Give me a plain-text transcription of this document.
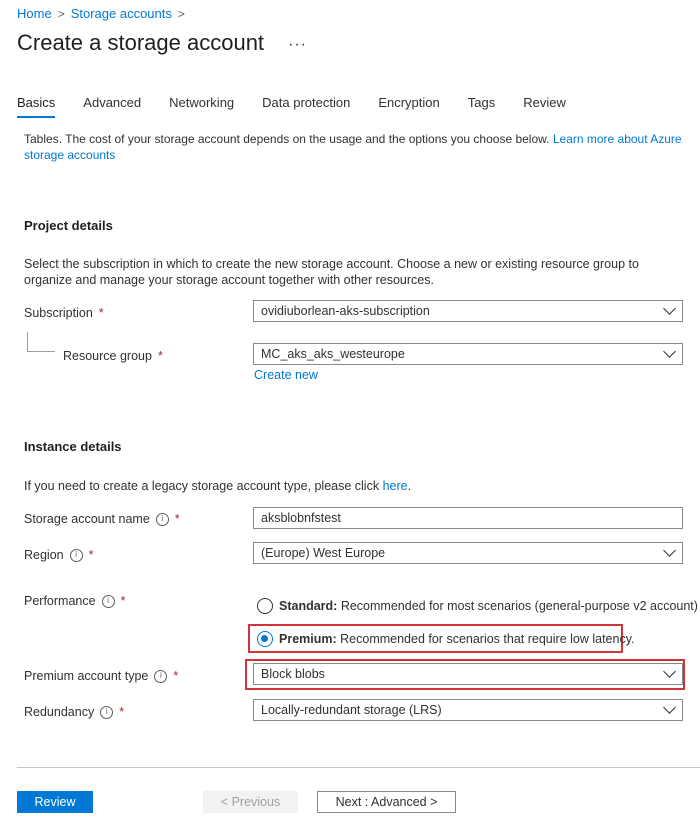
Home > Storage accounts >
Create a storage account ···
Basics Advanced Networking Data protection Encryption Tags Review
Tables. The cost of your storage account depends on the usage and the options you choose below. Learn more about Azure storage accounts
Project details
Select the subscription in which to create the new storage account. Choose a new or existing resource group to organize and manage your storage account together with other resources.
Subscription *	ovidiuborlean-aks-subscription
Resource group *	MC_aks_aks_westeurope
Create new
Instance details
If you need to create a legacy storage account type, please click here.
Storage account name	i *	aksblobnfstest
Region	i *	(Europe) West Europe
Performance	i *	Standard: Recommended for most scenarios (general-purpose v2 account)
Premium: Recommended for scenarios that require low latency.
Premium account type	i *	Block blobs
Redundancy	i *	Locally-redundant storage (LRS)
Review	< Previous	Next : Advanced >
